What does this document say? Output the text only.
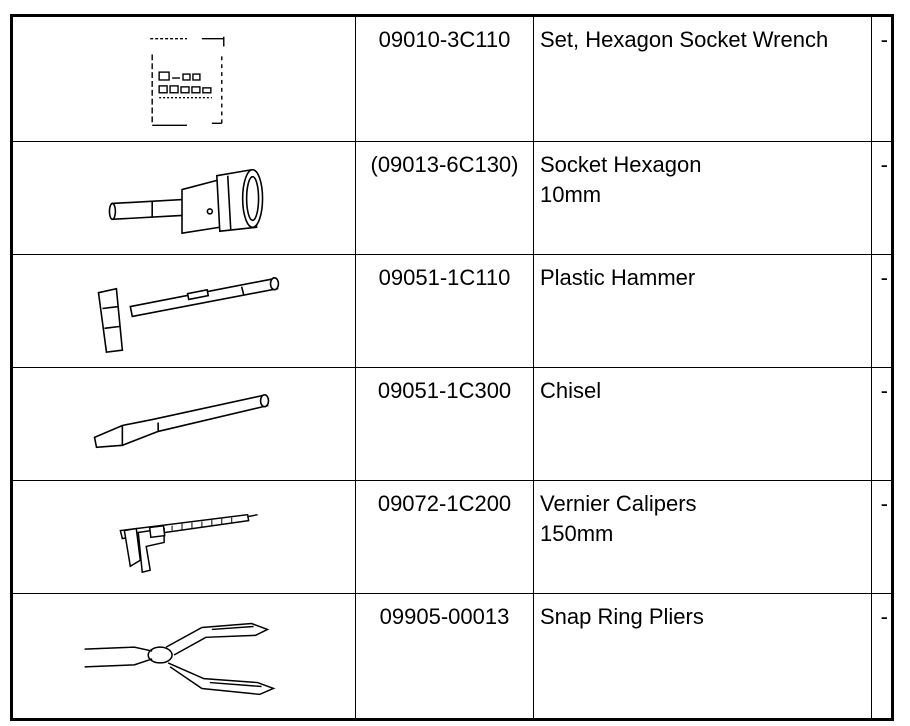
09010-3C110	Set, Hexagon Socket Wrench	-

(09013-6C130)	Socket Hexagon
10mm	-

09051-1C110	Plastic Hammer	-

09051-1C300	Chisel	-

09072-1C200	Vernier Calipers
150mm	-

09905-00013	Snap Ring Pliers	-
